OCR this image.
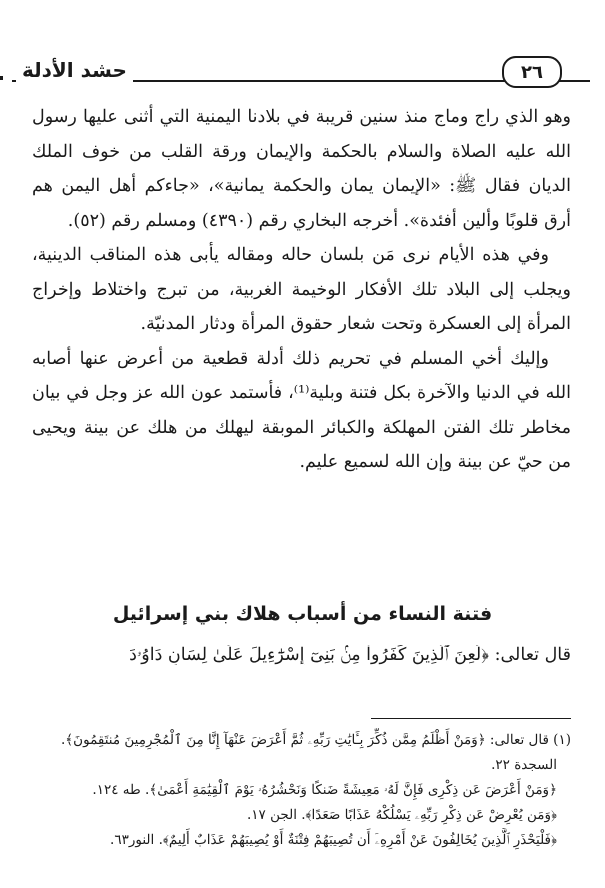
حشد الأدلة	٢٦

وهو الذي راج وماج منذ سنين قريبة في بلادنا اليمنية التي أثنى عليها رسول الله عليه الصلاة والسلام بالحكمة والإيمان ورقة القلب من خوف الملك الديان فقال ﷺ: «الإيمان يمان والحكمة يمانية»، «جاءكم أهل اليمن هم أرق قلوبًا وألين أفئدة». أخرجه البخاري رقم (٤٣٩٠) ومسلم رقم (٥٢).

وفي هذه الأيام نرى مَن بلسان حاله ومقاله يأبى هذه المناقب الدينية، ويجلب إلى البلاد تلك الأفكار الوخيمة الغربية، من تبرج واختلاط وإخراج المرأة إلى العسكرة وتحت شعار حقوق المرأة ودثار المدنيّة.

وإليك أخي المسلم في تحريم ذلك أدلة قطعية من أعرض عنها أصابه الله في الدنيا والآخرة بكل فتنة وبلية⁽¹⁾، فأستمد عون الله عز وجل في بيان مخاطر تلك الفتن المهلكة والكبائر الموبقة ليهلك من هلك عن بينة ويحيى من حيّ عن بينة وإن الله لسميع عليم.

فتنة النساء من أسباب هلاك بني إسرائيل
قال تعالى: ﴿لُعِنَ ٱلَّذِينَ كَفَرُواْ مِنۢ بَنِىٓ إِسْرَٰٓءِيلَ عَلَىٰ لِسَانِ دَاوُۥدَ
(١) قال تعالى: ﴿وَمَنْ أَظْلَمُ مِمَّن ذُكِّرَ بِـَٔايَٰتِ رَبِّهِۦ ثُمَّ أَعْرَضَ عَنْهَآ إِنَّا مِنَ ٱلْمُجْرِمِينَ مُنتَقِمُونَ﴾.
السجدة ٢٢.
﴿وَمَنْ أَعْرَضَ عَن ذِكْرِى فَإِنَّ لَهُۥ مَعِيشَةً ضَنكًا وَنَحْشُرُهُۥ يَوْمَ ٱلْقِيَٰمَةِ أَعْمَىٰ﴾. طه ١٢٤.
﴿وَمَن يُعْرِضْ عَن ذِكْرِ رَبِّهِۦ يَسْلُكْهُ عَذَابًا صَعَدًا﴾. الجن ١٧.
﴿فَلْيَحْذَرِ ٱلَّذِينَ يُخَالِفُونَ عَنْ أَمْرِهِۦٓ أَن تُصِيبَهُمْ فِتْنَةٌ أَوْ يُصِيبَهُمْ عَذَابٌ أَلِيمٌ﴾. النور٦٣.
